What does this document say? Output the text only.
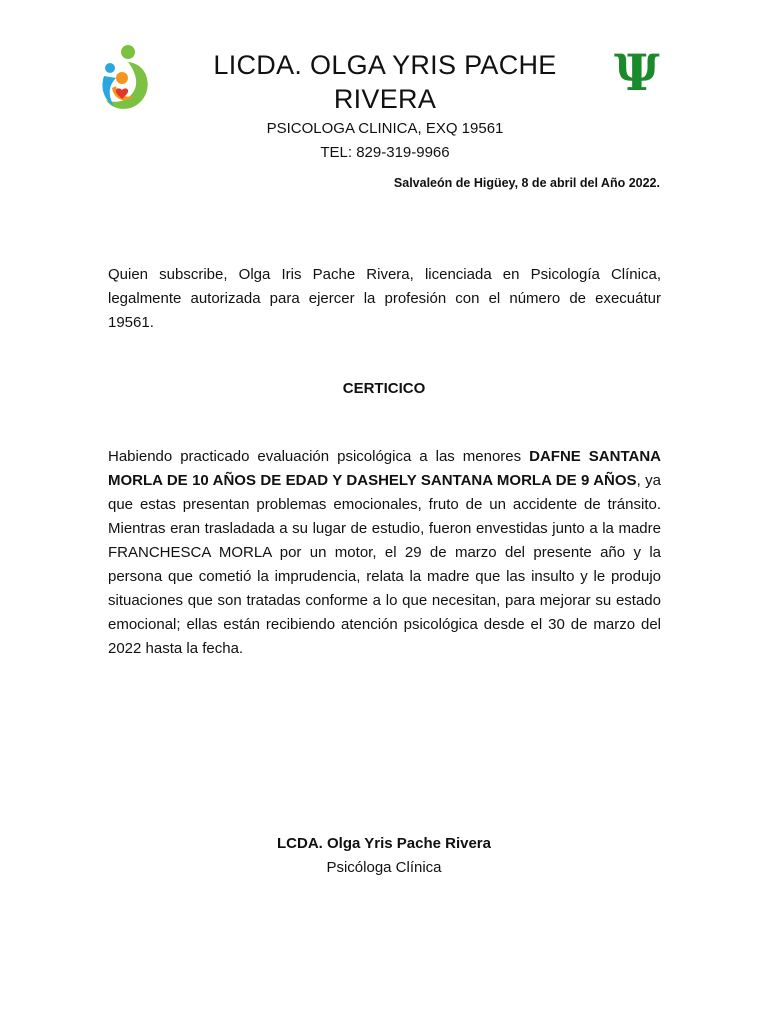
Ψ
LICDA. OLGA YRIS PACHE RIVERA
PSICOLOGA CLINICA, EXQ 19561
TEL: 829-319-9966
Salvaleón de Higüey, 8 de abril del Año 2022.

Quien subscribe, Olga Iris Pache Rivera, licenciada en Psicología Clínica, legalmente autorizada para ejercer la profesión con el número de execuátur 19561.

CERTICICO

Habiendo practicado evaluación psicológica a las menores DAFNE SANTANA MORLA DE 10 AÑOS DE EDAD Y DASHELY SANTANA MORLA DE 9 AÑOS, ya que estas presentan problemas emocionales, fruto de un accidente de tránsito. Mientras eran trasladada a su lugar de estudio, fueron envestidas junto a la madre FRANCHESCA MORLA por un motor, el 29 de marzo del presente año y la persona que cometió la imprudencia, relata la madre que las insulto y le produjo situaciones que son tratadas conforme a lo que necesitan, para mejorar su estado emocional; ellas están recibiendo atención psicológica desde el 30 de marzo del 2022 hasta la fecha.

LCDA. Olga Yris Pache Rivera
Psicóloga Clínica
